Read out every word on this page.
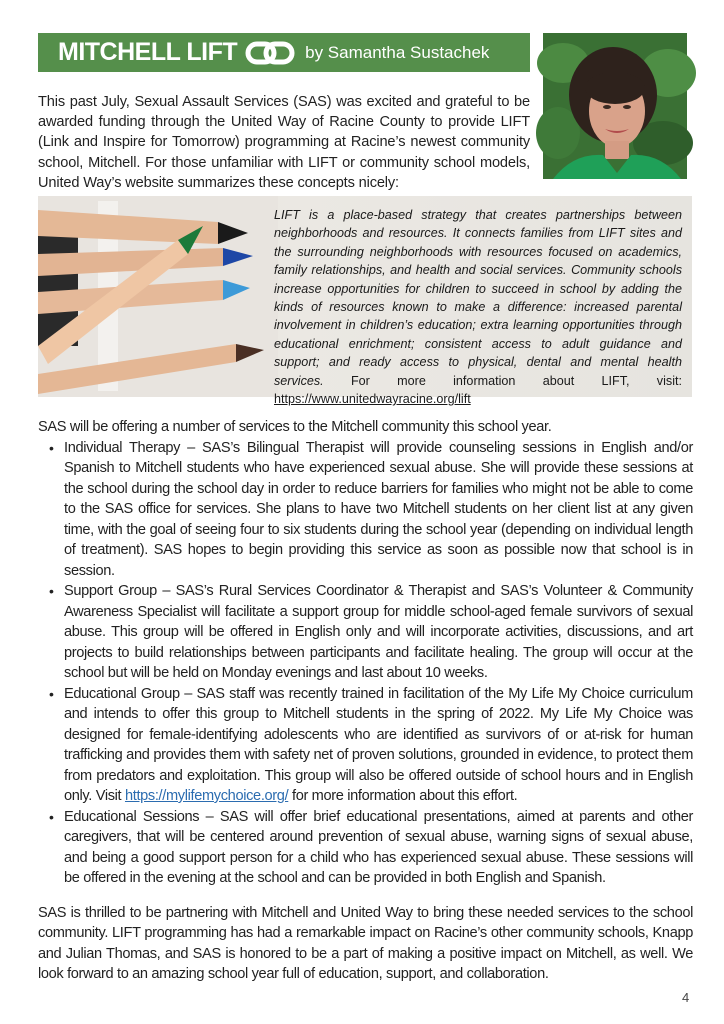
MITCHELL LIFT	by Samantha Sustachek

This past July, Sexual Assault Services (SAS) was excited and grateful to be awarded funding through the United Way of Racine County to provide LIFT (Link and Inspire for Tomorrow) programming at Racine’s newest community school, Mitchell. For those unfamiliar with LIFT or community school models, United Way’s website summarizes these concepts nicely:

LIFT is a place-based strategy that creates partnerships between neighborhoods and resources. It connects families from LIFT sites and the surrounding neighborhoods with resources focused on academics, family relationships, and health and social services. Community schools increase opportunities for children to succeed in school by adding the kinds of resources known to make a difference: increased parental involvement in children’s education; extra learning opportunities through educational enrichment; consistent access to adult guidance and support; and ready access to physical, dental and mental health services. For more information about LIFT, visit: https://www.unitedwayracine.org/lift

SAS will be offering a number of services to the Mitchell community this school year.

• Individual Therapy – SAS’s Bilingual Therapist will provide counseling sessions in English and/or Spanish to Mitchell students who have experienced sexual abuse. She will provide these sessions at the school during the school day in order to reduce barriers for families who might not be able to come to the SAS office for services. She plans to have two Mitchell students on her client list at any given time, with the goal of seeing four to six students during the school year (depending on individual length of treatment). SAS hopes to begin providing this service as soon as possible now that school is in session.
• Support Group – SAS’s Rural Services Coordinator & Therapist and SAS’s Volunteer & Community Awareness Specialist will facilitate a support group for middle school-aged female survivors of sexual abuse. This group will be offered in English only and will incorporate activities, discussions, and art projects to build relationships between participants and facilitate healing. The group will occur at the school but will be held on Monday evenings and last about 10 weeks.
• Educational Group – SAS staff was recently trained in facilitation of the My Life My Choice curriculum and intends to offer this group to Mitchell students in the spring of 2022. My Life My Choice was designed for female-identifying adolescents who are identified as survivors of or at-risk for human trafficking and provides them with safety net of proven solutions, grounded in evidence, to protect them from predators and exploitation. This group will also be offered outside of school hours and in English only. Visit https://mylifemychoice.org/ for more information about this effort.
• Educational Sessions – SAS will offer brief educational presentations, aimed at parents and other caregivers, that will be centered around prevention of sexual abuse, warning signs of sexual abuse, and being a good support person for a child who has experienced sexual abuse. These sessions will be offered in the evening at the school and can be provided in both English and Spanish.

SAS is thrilled to be partnering with Mitchell and United Way to bring these needed services to the school community. LIFT programming has had a remarkable impact on Racine’s other community schools, Knapp and Julian Thomas, and SAS is honored to be a part of making a positive impact on Mitchell, as well. We look forward to an amazing school year full of education, support, and collaboration.

4
